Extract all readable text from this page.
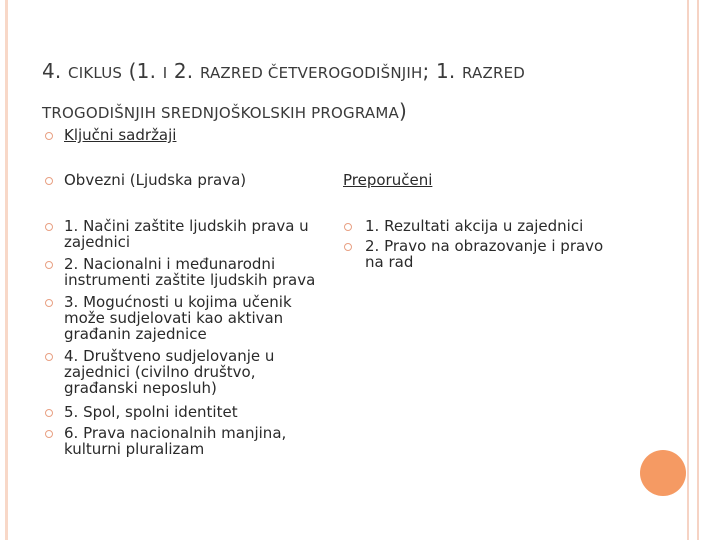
4. CIKLUS (1. I 2. RAZRED ČETVEROGODIŠNJIH; 1. RAZRED TROGODIŠNJIH SREDNJOŠKOLSKIH PROGRAMA)
Ključni sadržaji
Obvezni (Ljudska prava)	Preporučeni
1. Načini zaštite ljudskih prava u zajednici
2. Nacionalni i međunarodni instrumenti zaštite ljudskih prava
3. Mogućnosti u kojima učenik može sudjelovati kao aktivan građanin zajednice
4. Društveno sudjelovanje u zajednici (civilno društvo, građanski neposluh)
5. Spol, spolni identitet
6. Prava nacionalnih manjina, kulturni pluralizam
1. Rezultati akcija u zajednici
2. Pravo na obrazovanje i pravo na rad
